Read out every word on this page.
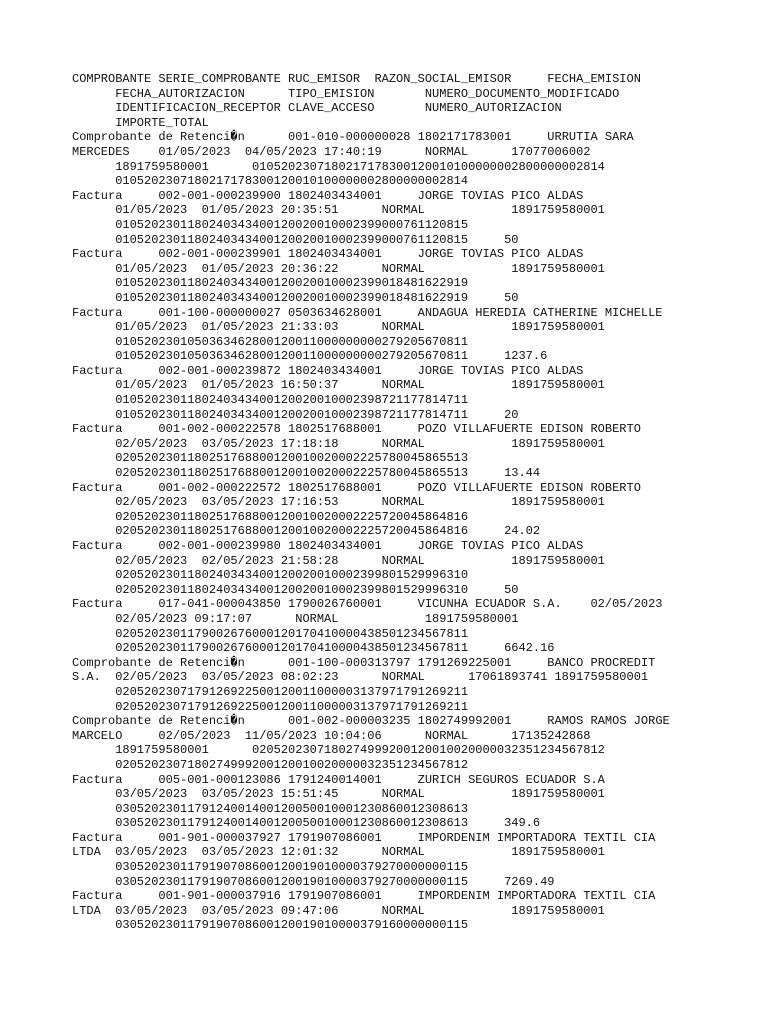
COMPROBANTE SERIE_COMPROBANTE RUC_EMISOR  RAZON_SOCIAL_EMISOR     FECHA_EMISION
FECHA_AUTORIZACION      TIPO_EMISION       NUMERO_DOCUMENTO_MODIFICADO
IDENTIFICACION_RECEPTOR CLAVE_ACCESO       NUMERO_AUTORIZACION
IMPORTE_TOTAL
Comprobante de Retenci�n      001-010-000000028 1802171783001     URRUTIA SARA
MERCEDES    01/05/2023  04/05/2023 17:40:19      NORMAL      17077006002
1891759580001      0105202307180217178300120010100000002800000002814
0105202307180217178300120010100000002800000002814
Factura     002-001-000239900 1802403434001     JORGE TOVIAS PICO ALDAS
01/05/2023  01/05/2023 20:35:51      NORMAL            1891759580001
0105202301180240343400120020010002399000761120815
0105202301180240343400120020010002399000761120815     50
Factura     002-001-000239901 1802403434001     JORGE TOVIAS PICO ALDAS
01/05/2023  01/05/2023 20:36:22      NORMAL            1891759580001
0105202301180240343400120020010002399018481622919
0105202301180240343400120020010002399018481622919     50
Factura     001-100-000000027 0503634628001     ANDAGUA HEREDIA CATHERINE MICHELLE
01/05/2023  01/05/2023 21:33:03      NORMAL            1891759580001
0105202301050363462800120011000000000279205670811
0105202301050363462800120011000000000279205670811     1237.6
Factura     002-001-000239872 1802403434001     JORGE TOVIAS PICO ALDAS
01/05/2023  01/05/2023 16:50:37      NORMAL            1891759580001
0105202301180240343400120020010002398721177814711
0105202301180240343400120020010002398721177814711     20
Factura     001-002-000222578 1802517688001     POZO VILLAFUERTE EDISON ROBERTO
02/05/2023  03/05/2023 17:18:18      NORMAL            1891759580001
0205202301180251768800120010020002225780045865513
0205202301180251768800120010020002225780045865513     13.44
Factura     001-002-000222572 1802517688001     POZO VILLAFUERTE EDISON ROBERTO
02/05/2023  03/05/2023 17:16:53      NORMAL            1891759580001
0205202301180251768800120010020002225720045864816
0205202301180251768800120010020002225720045864816     24.02
Factura     002-001-000239980 1802403434001     JORGE TOVIAS PICO ALDAS
02/05/2023  02/05/2023 21:58:28      NORMAL            1891759580001
0205202301180240343400120020010002399801529996310
0205202301180240343400120020010002399801529996310     50
Factura     017-041-000043850 1790026760001     VICUNHA ECUADOR S.A.    02/05/2023
02/05/2023 09:17:07      NORMAL            1891759580001
0205202301179002676000120170410000438501234567811
0205202301179002676000120170410000438501234567811     6642.16
Comprobante de Retenci�n      001-100-000313797 1791269225001     BANCO PROCREDIT
S.A.  02/05/2023  03/05/2023 08:02:23      NORMAL      17061893741 1891759580001
0205202307179126922500120011000003137971791269211
0205202307179126922500120011000003137971791269211
Comprobante de Retenci�n      001-002-000003235 1802749992001     RAMOS RAMOS JORGE
MARCELO     02/05/2023  11/05/2023 10:04:06      NORMAL      17135242868
1891759580001      0205202307180274999200120010020000032351234567812
0205202307180274999200120010020000032351234567812
Factura     005-001-000123086 1791240014001     ZURICH SEGUROS ECUADOR S.A
03/05/2023  03/05/2023 15:51:45      NORMAL            1891759580001
0305202301179124001400120050010001230860012308613
0305202301179124001400120050010001230860012308613     349.6
Factura     001-901-000037927 1791907086001     IMPORDENIM IMPORTADORA TEXTIL CIA
LTDA  03/05/2023  03/05/2023 12:01:32      NORMAL            1891759580001
0305202301179190708600120019010000379270000000115
0305202301179190708600120019010000379270000000115     7269.49
Factura     001-901-000037916 1791907086001     IMPORDENIM IMPORTADORA TEXTIL CIA
LTDA  03/05/2023  03/05/2023 09:47:06      NORMAL            1891759580001
0305202301179190708600120019010000379160000000115
